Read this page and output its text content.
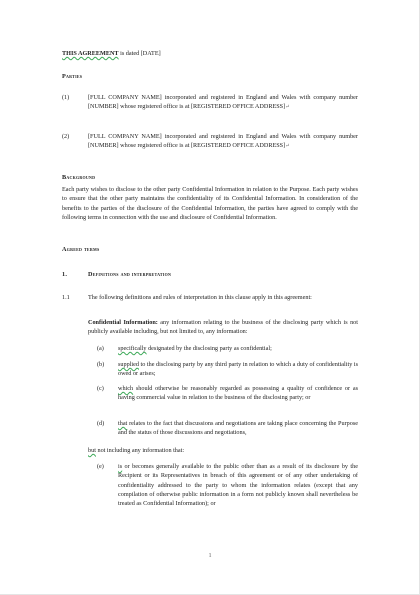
THIS AGREEMENT is dated [DATE]

Parties

(1)	[FULL COMPANY NAME] incorporated and registered in England and Wales with company number [NUMBER] whose registered office is at [REGISTERED OFFICE ADDRESS]↵

(2)	[FULL COMPANY NAME] incorporated and registered in England and Wales with company number [NUMBER] whose registered office is at [REGISTERED OFFICE ADDRESS]↵

Background

Each party wishes to disclose to the other party Confidential Information in relation to the Purpose. Each party wishes to ensure that the other party maintains the confidentiality of its Confidential Information. In consideration of the benefits to the parties of the disclosure of the Confidential Information, the parties have agreed to comply with the following terms in connection with the use and disclosure of Confidential Information.

Agreed terms

1.	Definitions and interpretation

1.1	The following definitions and rules of interpretation in this clause apply in this agreement:

Confidential Information: any information relating to the business of the disclosing party which is not publicly available including, but not limited to, any information:

(a) specifically designated by the disclosing party as confidential;

(b) supplied to the disclosing party by any third party in relation to which a duty of confidentiality is owed or arises;

(c) which should otherwise be reasonably regarded as possessing a quality of confidence or as having commercial value in relation to the business of the disclosing party; or

(d) that relates to the fact that discussions and negotiations are taking place concerning the Purpose and the status of those discussions and negotiations,

but not including any information that:

(e) is or becomes generally available to the public other than as a result of its disclosure by the Recipient or its Representatives in breach of this agreement or of any other undertaking of confidentiality addressed to the party to whom the information relates (except that any compilation of otherwise public information in a form not publicly known shall nevertheless be treated as Confidential Information); or

1
